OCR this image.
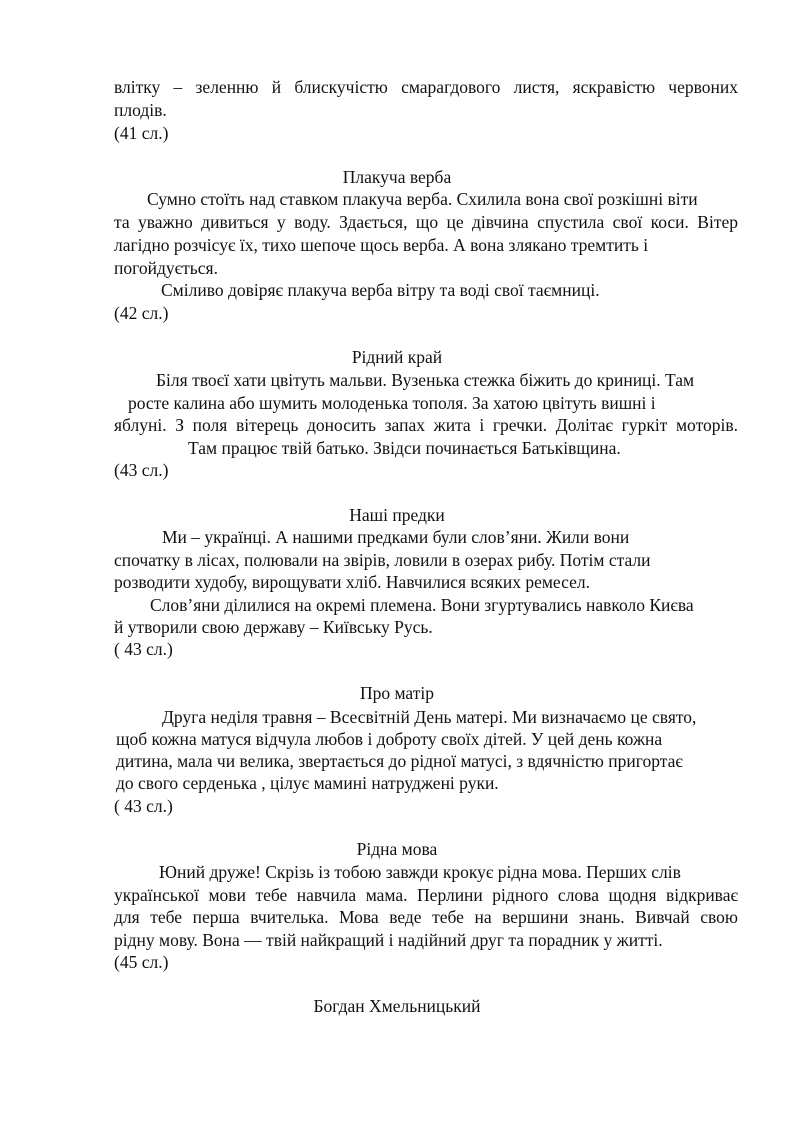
влітку – зеленню й блискучістю смарагдового листя, яскравістю червоних
плодів.
(41 сл.)
Плакуча верба
Сумно стоїть над ставком плакуча верба. Схилила вона свої розкішні віти
та уважно дивиться у воду. Здається, що це дівчина спустила свої коси. Вітер
лагідно розчісує їх, тихо шепоче щось верба. А вона злякано тремтить і
погойдується.
Сміливо довіряє плакуча верба вітру та воді свої таємниці.
(42 сл.)
Рідний край
Біля твоєї хати цвітуть мальви. Вузенька стежка біжить до криниці. Там
росте калина або шумить молоденька тополя. За хатою цвітуть вишні і
яблуні. З поля вітерець доносить запах жита і гречки. Долітає гуркіт моторів.
Там працює твій батько. Звідси починається Батьківщина.
(43 сл.)
Наші предки
Ми – українці. А нашими предками були слов’яни. Жили вони
спочатку в лісах, полювали на звірів, ловили в озерах рибу. Потім стали
розводити худобу, вирощувати хліб. Навчилися всяких ремесел.
Слов’яни ділилися на окремі племена. Вони згуртувались навколо Києва
й утворили свою державу – Київську Русь.
( 43 сл.)
Про матір
Друга неділя травня – Всесвітній День матері. Ми визначаємо це свято,
щоб кожна матуся відчула любов і доброту своїх дітей. У цей день кожна
дитина, мала чи велика, звертається до рідної матусі, з вдячністю пригортає
до свого серденька , цілує мамині натруджені руки.
( 43 сл.)
Рідна мова
Юний друже! Скрізь із тобою завжди крокує рідна мова. Перших слів
української мови тебе навчила мама. Перлини рідного слова щодня відкриває
для тебе перша вчителька. Мова веде тебе на вершини знань. Вивчай свою
рідну мову. Вона — твій найкращий і надійний друг та порадник у житті.
(45 сл.)
Богдан Хмельницький
